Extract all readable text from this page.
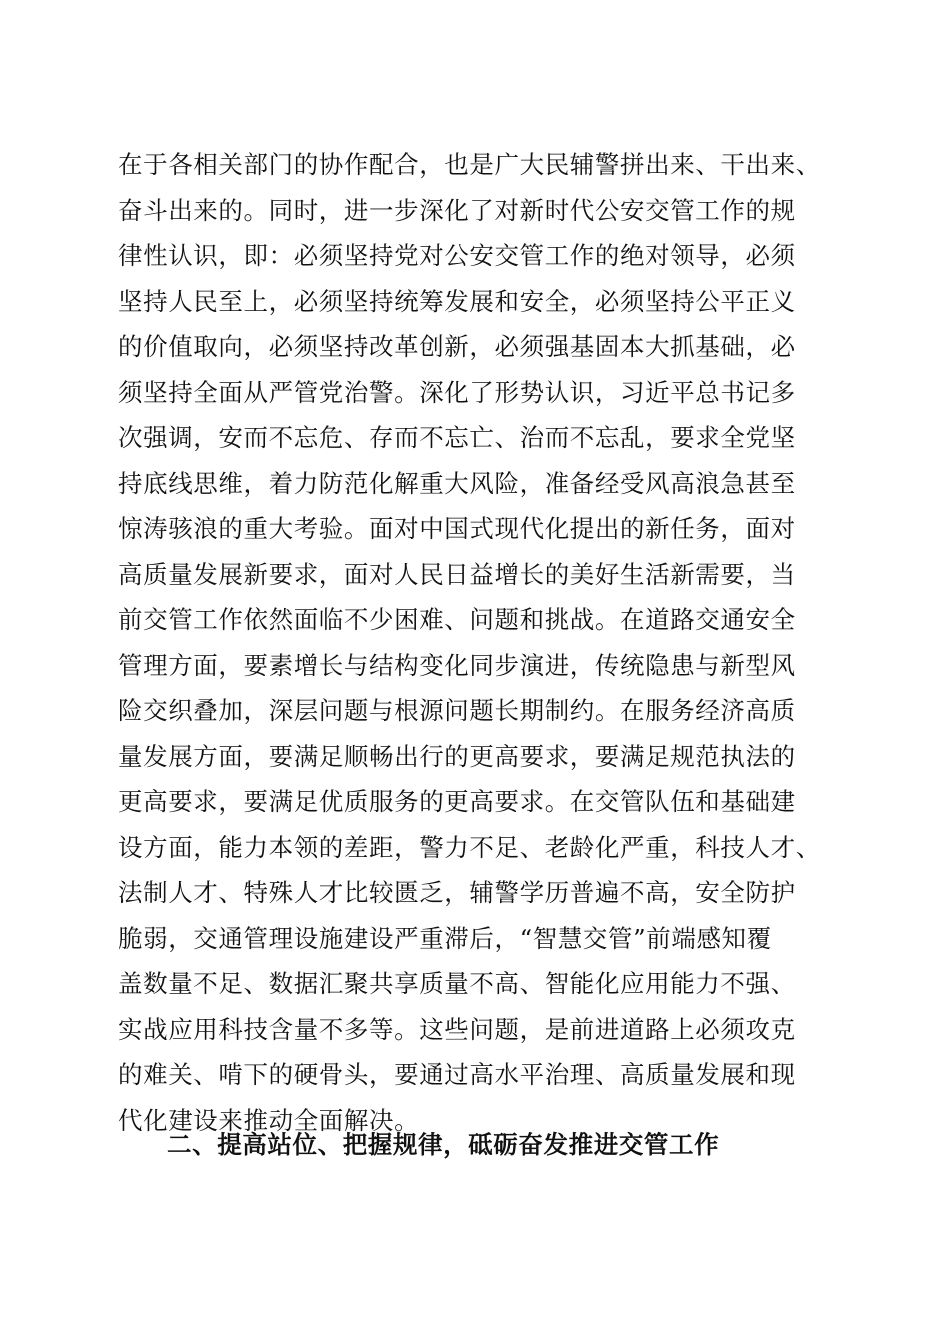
在于各相关部门的协作配合，也是广大民辅警拼出来、干出来、
奋斗出来的。同时，进一步深化了对新时代公安交管工作的规
律性认识，即：必须坚持党对公安交管工作的绝对领导，必须
坚持人民至上，必须坚持统筹发展和安全，必须坚持公平正义
的价值取向，必须坚持改革创新，必须强基固本大抓基础，必
须坚持全面从严管党治警。深化了形势认识，习近平总书记多
次强调，安而不忘危、存而不忘亡、治而不忘乱，要求全党坚
持底线思维，着力防范化解重大风险，准备经受风高浪急甚至
惊涛骇浪的重大考验。面对中国式现代化提出的新任务，面对
高质量发展新要求，面对人民日益增长的美好生活新需要，当
前交管工作依然面临不少困难、问题和挑战。在道路交通安全
管理方面，要素增长与结构变化同步演进，传统隐患与新型风
险交织叠加，深层问题与根源问题长期制约。在服务经济高质
量发展方面，要满足顺畅出行的更高要求，要满足规范执法的
更高要求，要满足优质服务的更高要求。在交管队伍和基础建
设方面，能力本领的差距，警力不足、老龄化严重，科技人才、
法制人才、特殊人才比较匮乏，辅警学历普遍不高，安全防护
脆弱，交通管理设施建设严重滞后，“智慧交管”前端感知覆
盖数量不足、数据汇聚共享质量不高、智能化应用能力不强、
实战应用科技含量不多等。这些问题，是前进道路上必须攻克
的难关、啃下的硬骨头，要通过高水平治理、高质量发展和现
代化建设来推动全面解决。
二、提高站位、把握规律，砥砺奋发推进交管工作
